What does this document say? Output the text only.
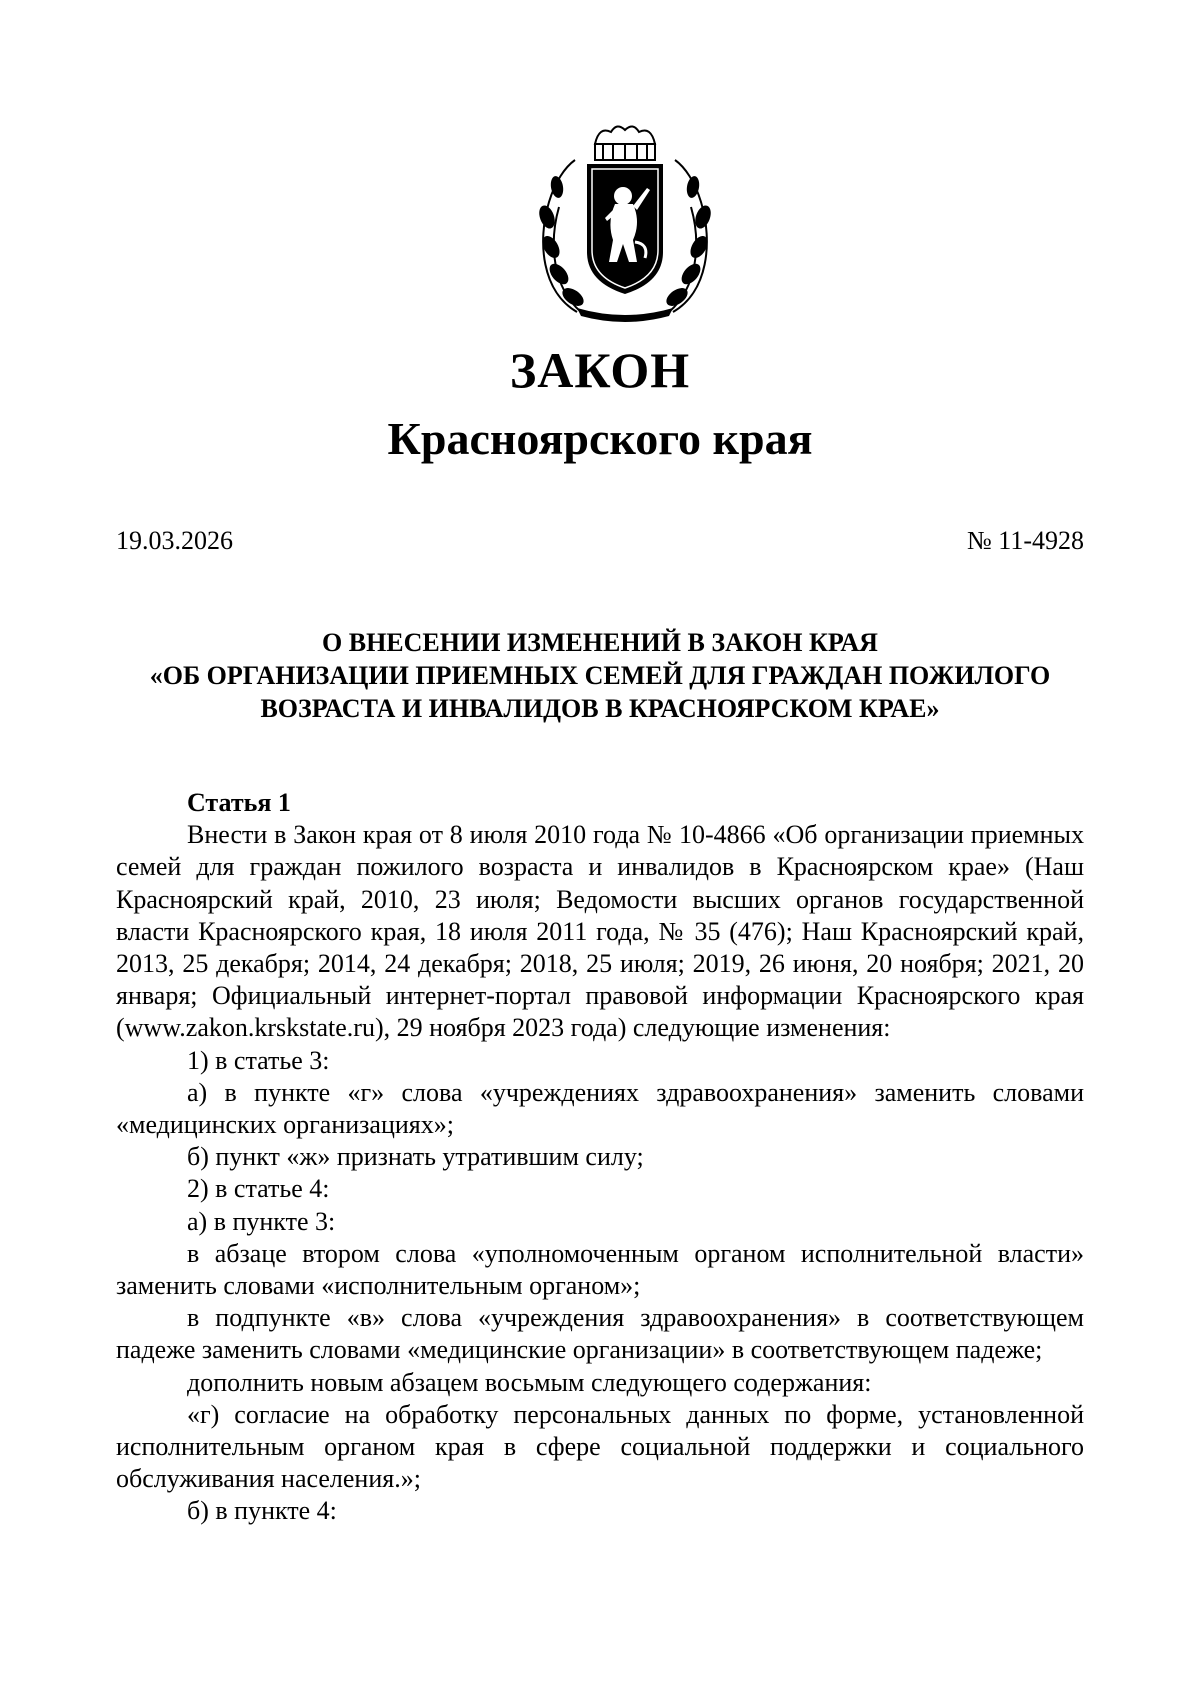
ЗАКОН
Красноярского края
19.03.2026	№ 11-4928
О ВНЕСЕНИИ ИЗМЕНЕНИЙ В ЗАКОН КРАЯ
«ОБ ОРГАНИЗАЦИИ ПРИЕМНЫХ СЕМЕЙ ДЛЯ ГРАЖДАН ПОЖИЛОГО
ВОЗРАСТА И ИНВАЛИДОВ В КРАСНОЯРСКОМ КРАЕ»
Статья 1
Внести в Закон края от 8 июля 2010 года № 10-4866 «Об организации приемных семей для граждан пожилого возраста и инвалидов в Красноярском крае» (Наш Красноярский край, 2010, 23 июля; Ведомости высших органов государственной власти Красноярского края, 18 июля 2011 года, № 35 (476); Наш Красноярский край, 2013, 25 декабря; 2014, 24 декабря; 2018, 25 июля; 2019, 26 июня, 20 ноября; 2021, 20 января; Официальный интернет-портал правовой информации Красноярского края (www.zakon.krskstate.ru), 29 ноября 2023 года) следующие изменения:
1) в статье 3:
а) в пункте «г» слова «учреждениях здравоохранения» заменить словами «медицинских организациях»;
б) пункт «ж» признать утратившим силу;
2) в статье 4:
а) в пункте 3:
в абзаце втором слова «уполномоченным органом исполнительной власти» заменить словами «исполнительным органом»;
в подпункте «в» слова «учреждения здравоохранения» в соответствующем падеже заменить словами «медицинские организации» в соответствующем падеже;
дополнить новым абзацем восьмым следующего содержания:
«г) согласие на обработку персональных данных по форме, установленной исполнительным органом края в сфере социальной поддержки и социального обслуживания населения.»;
б) в пункте 4:
